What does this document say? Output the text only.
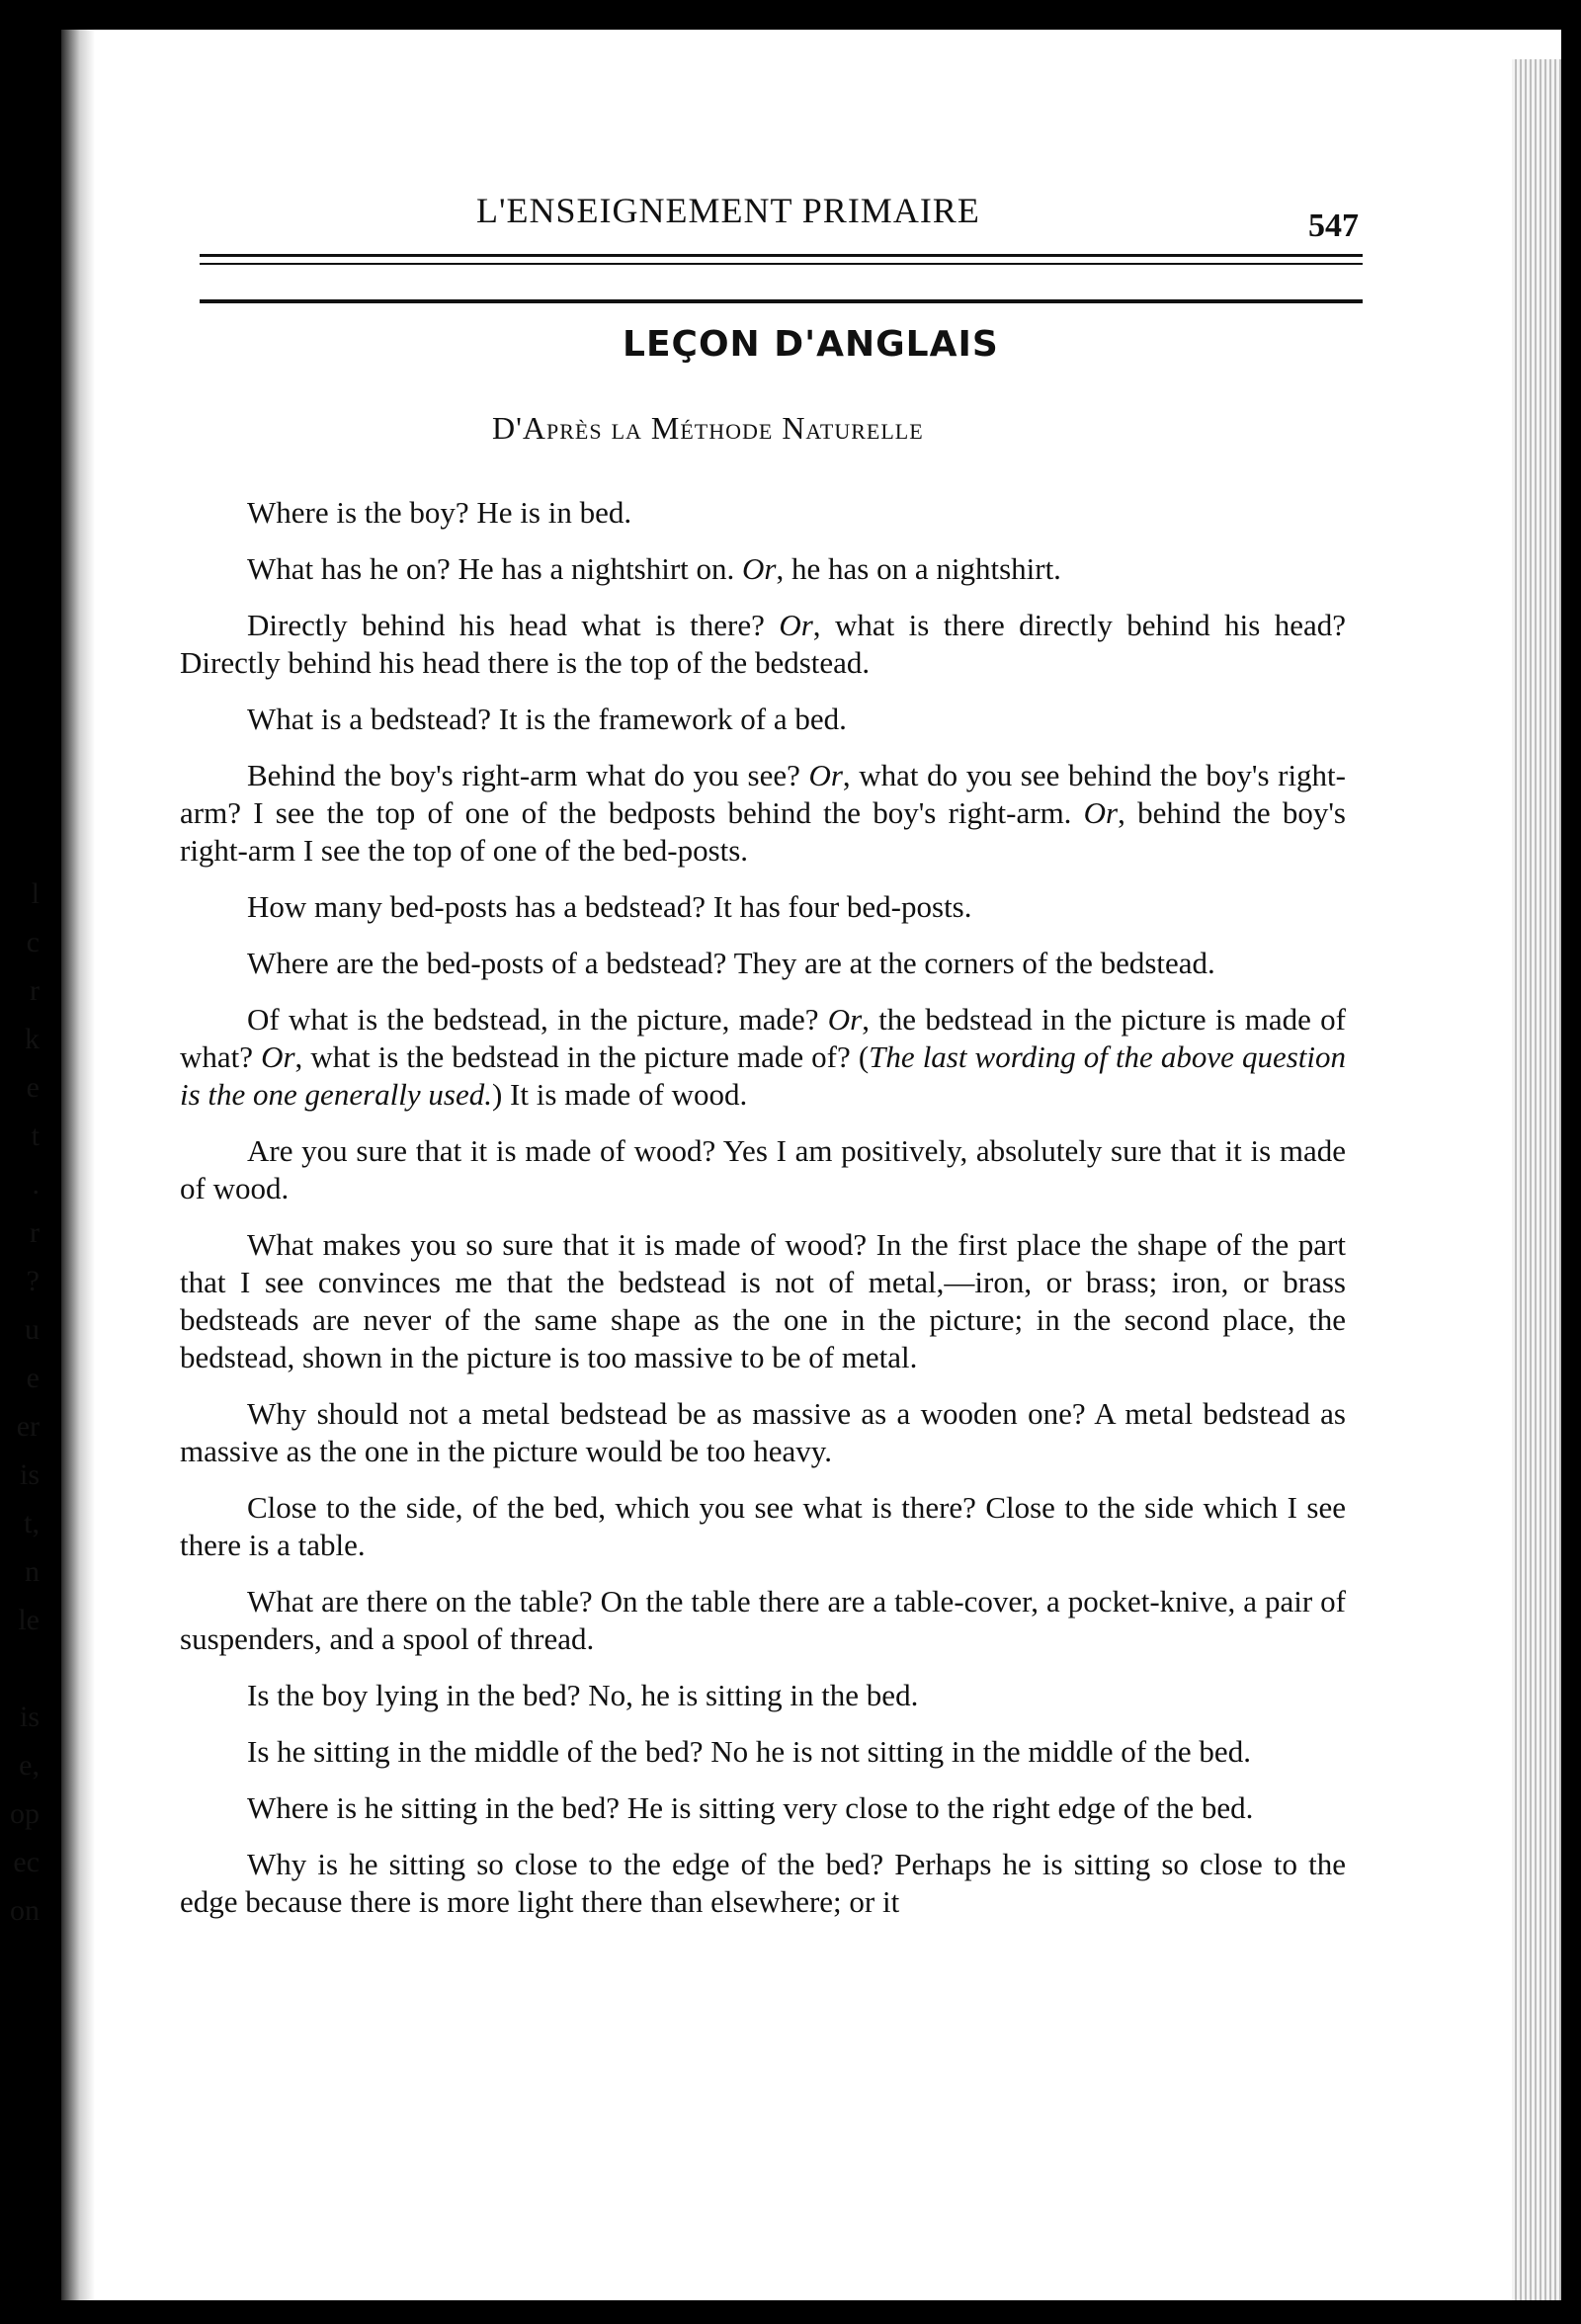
l
c
r
k
e
t
.
r
?
u
e
er
is
t,
n
le

is
e,
op
ec
on
L'ENSEIGNEMENT PRIMAIRE	547
LEÇON D'ANGLAIS
D'Après la Méthode Naturelle

Where is the boy? He is in bed.

What has he on? He has a nightshirt on. Or, he has on a nightshirt.

Directly behind his head what is there? Or, what is there directly behind his head? Directly behind his head there is the top of the bedstead.

What is a bedstead? It is the framework of a bed.

Behind the boy's right-arm what do you see? Or, what do you see behind the boy's right-arm? I see the top of one of the bedposts behind the boy's right-arm. Or, behind the boy's right-arm I see the top of one of the bed-posts.

How many bed-posts has a bedstead? It has four bed-posts.

Where are the bed-posts of a bedstead? They are at the corners of the bedstead.

Of what is the bedstead, in the picture, made? Or, the bedstead in the picture is made of what? Or, what is the bedstead in the picture made of? (The last wording of the above question is the one generally used.) It is made of wood.

Are you sure that it is made of wood? Yes I am positively, absolutely sure that it is made of wood.

What makes you so sure that it is made of wood? In the first place the shape of the part that I see convinces me that the bedstead is not of metal,—iron, or brass; iron, or brass bedsteads are never of the same shape as the one in the picture; in the second place, the bedstead, shown in the picture is too massive to be of metal.

Why should not a metal bedstead be as massive as a wooden one? A metal bedstead as massive as the one in the picture would be too heavy.

Close to the side, of the bed, which you see what is there? Close to the side which I see there is a table.

What are there on the table? On the table there are a table-cover, a pocket-knive, a pair of suspenders, and a spool of thread.

Is the boy lying in the bed? No, he is sitting in the bed.

Is he sitting in the middle of the bed? No he is not sitting in the middle of the bed.

Where is he sitting in the bed? He is sitting very close to the right edge of the bed.

Why is he sitting so close to the edge of the bed? Perhaps he is sitting so close to the edge because there is more light there than elsewhere; or it
